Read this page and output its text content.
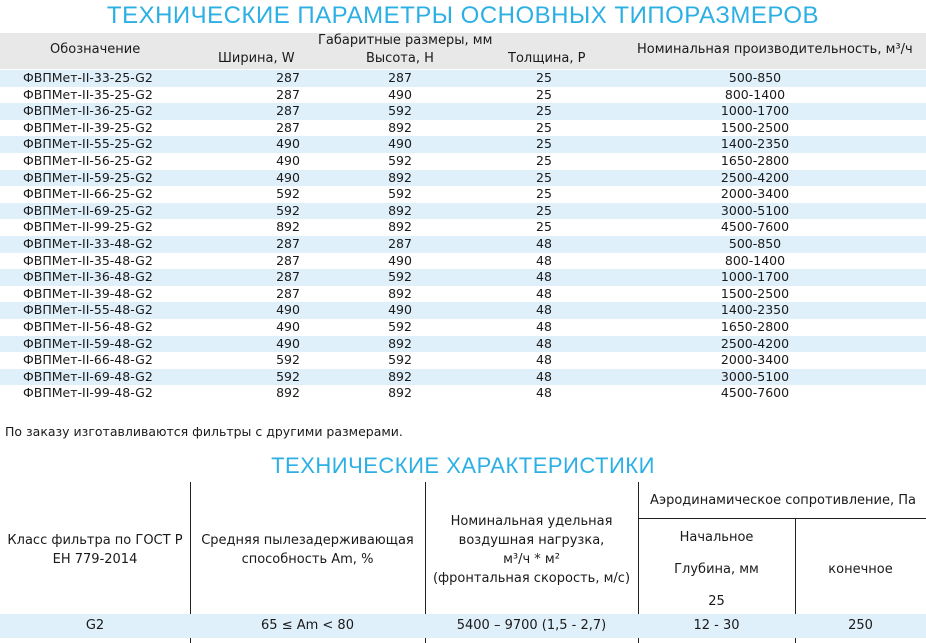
ТЕХНИЧЕСКИЕ ПАРАМЕТРЫ ОСНОВНЫХ ТИПОРАЗМЕРОВ
Обозначение
Габаритные размеры, мм
Ширина, W	Высота, H	Толщина, P
Номинальная производительность, м³/ч
ФВПМет-II-33-25-G2	287	287	25	500-850
ФВПМет-II-35-25-G2	287	490	25	800-1400
ФВПМет-II-36-25-G2	287	592	25	1000-1700
ФВПМет-II-39-25-G2	287	892	25	1500-2500
ФВПМет-II-55-25-G2	490	490	25	1400-2350
ФВПМет-II-56-25-G2	490	592	25	1650-2800
ФВПМет-II-59-25-G2	490	892	25	2500-4200
ФВПМет-II-66-25-G2	592	592	25	2000-3400
ФВПМет-II-69-25-G2	592	892	25	3000-5100
ФВПМет-II-99-25-G2	892	892	25	4500-7600
ФВПМет-II-33-48-G2	287	287	48	500-850
ФВПМет-II-35-48-G2	287	490	48	800-1400
ФВПМет-II-36-48-G2	287	592	48	1000-1700
ФВПМет-II-39-48-G2	287	892	48	1500-2500
ФВПМет-II-55-48-G2	490	490	48	1400-2350
ФВПМет-II-56-48-G2	490	592	48	1650-2800
ФВПМет-II-59-48-G2	490	892	48	2500-4200
ФВПМет-II-66-48-G2	592	592	48	2000-3400
ФВПМет-II-69-48-G2	592	892	48	3000-5100
ФВПМет-II-99-48-G2	892	892	48	4500-7600
По заказу изготавливаются фильтры с другими размерами.
ТЕХНИЧЕСКИЕ ХАРАКТЕРИСТИКИ
Класс фильтра по ГОСТ Р
ЕН 779-2014
Средняя пылезадерживающая
способность Am, %
Номинальная удельная
воздушная нагрузка,
м³/ч * м²
(фронтальная скорость, м/с)
Аэродинамическое сопротивление, Па
Начальное
Глубина, мм
25
конечное
G2	65 ≤ Am < 80	5400 – 9700 (1,5 - 2,7)	12 - 30	250
